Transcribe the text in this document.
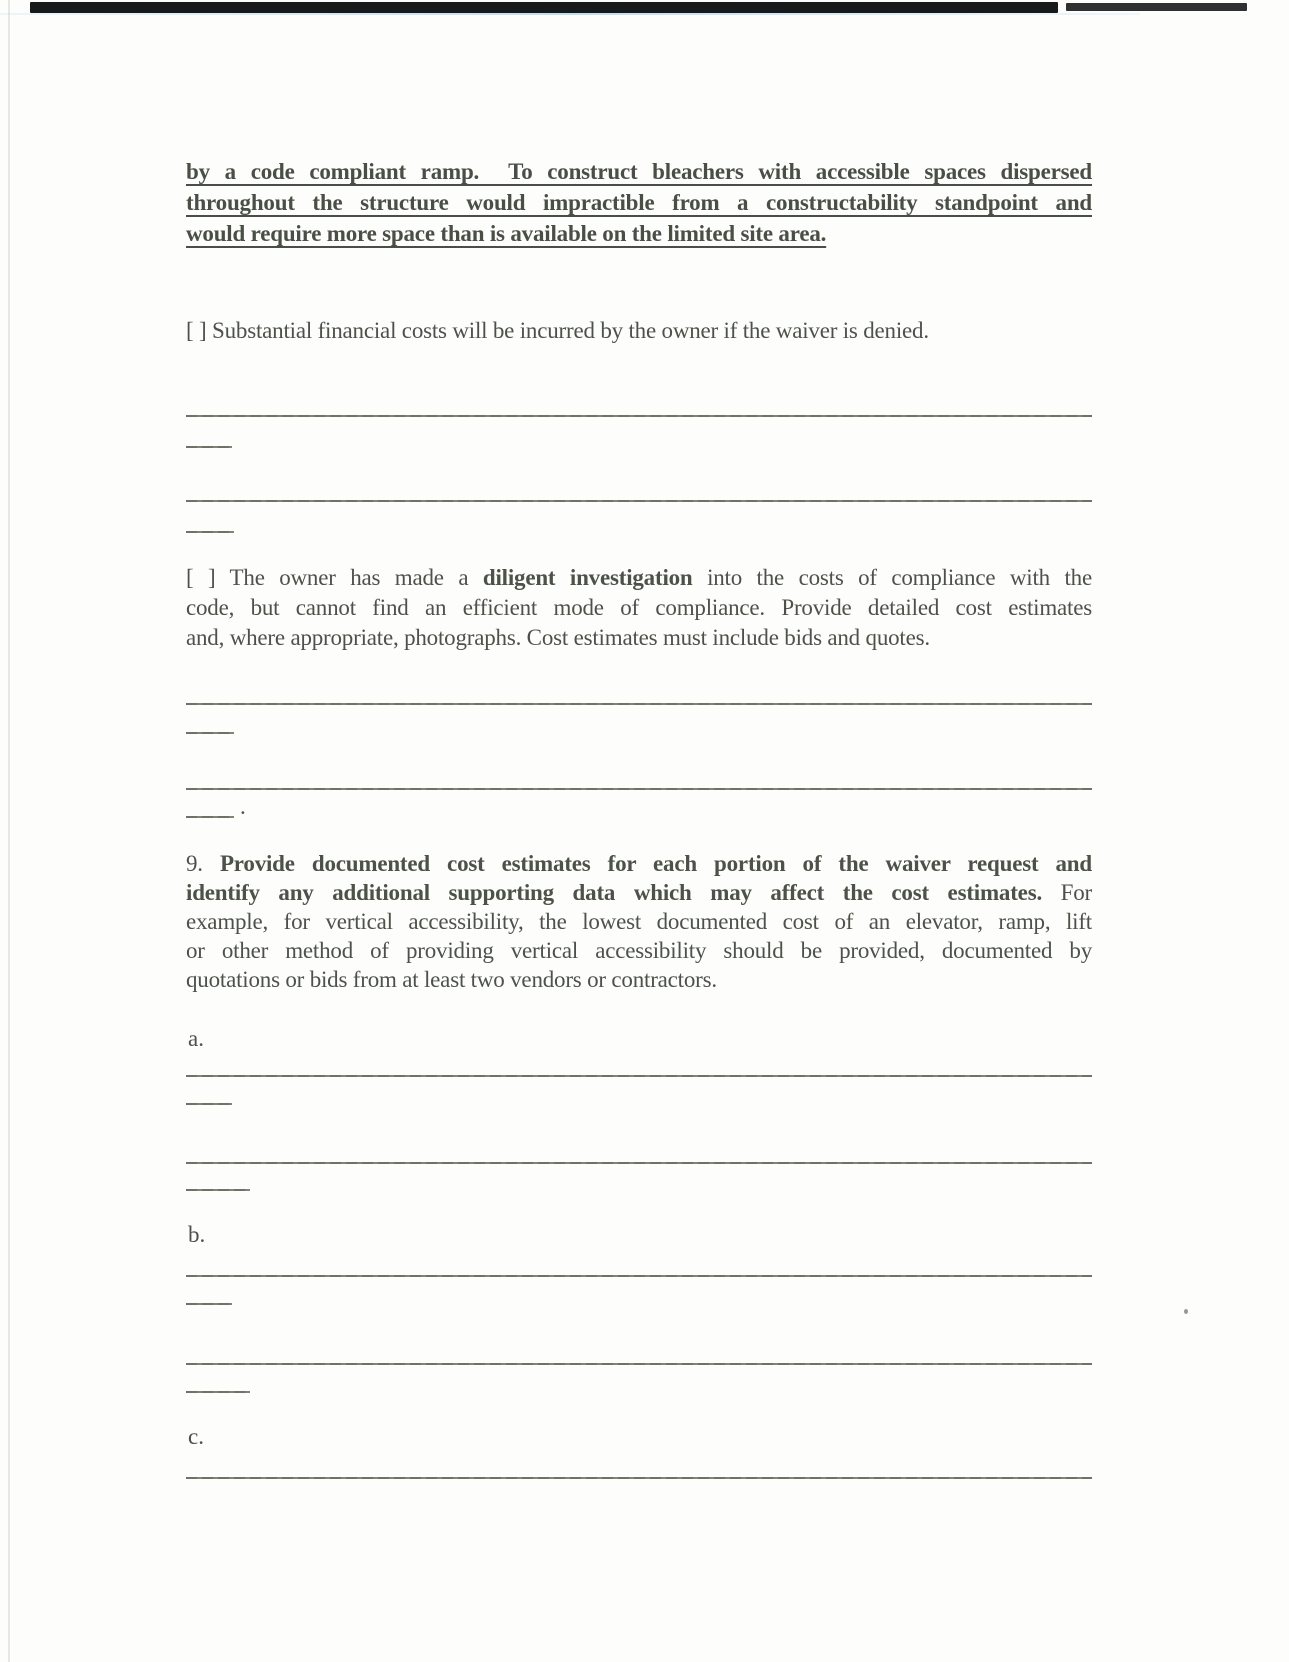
by a code compliant ramp.  To construct bleachers with accessible spaces dispersed
throughout the structure would impractible from a constructability standpoint and
would require more space than is available on the limited site area.
[ ] Substantial financial costs will be incurred by the owner if the waiver is denied.
[ ] The owner has made a diligent investigation into the costs of compliance with the
code, but cannot find an efficient mode of compliance. Provide detailed cost estimates
and, where appropriate, photographs. Cost estimates must include bids and quotes.
.
9. Provide documented cost estimates for each portion of the waiver request and
identify any additional supporting data which may affect the cost estimates. For
example, for vertical accessibility, the lowest documented cost of an elevator, ramp, lift
or other method of providing vertical accessibility should be provided, documented by
quotations or bids from at least two vendors or contractors.
a.
b.
c.
